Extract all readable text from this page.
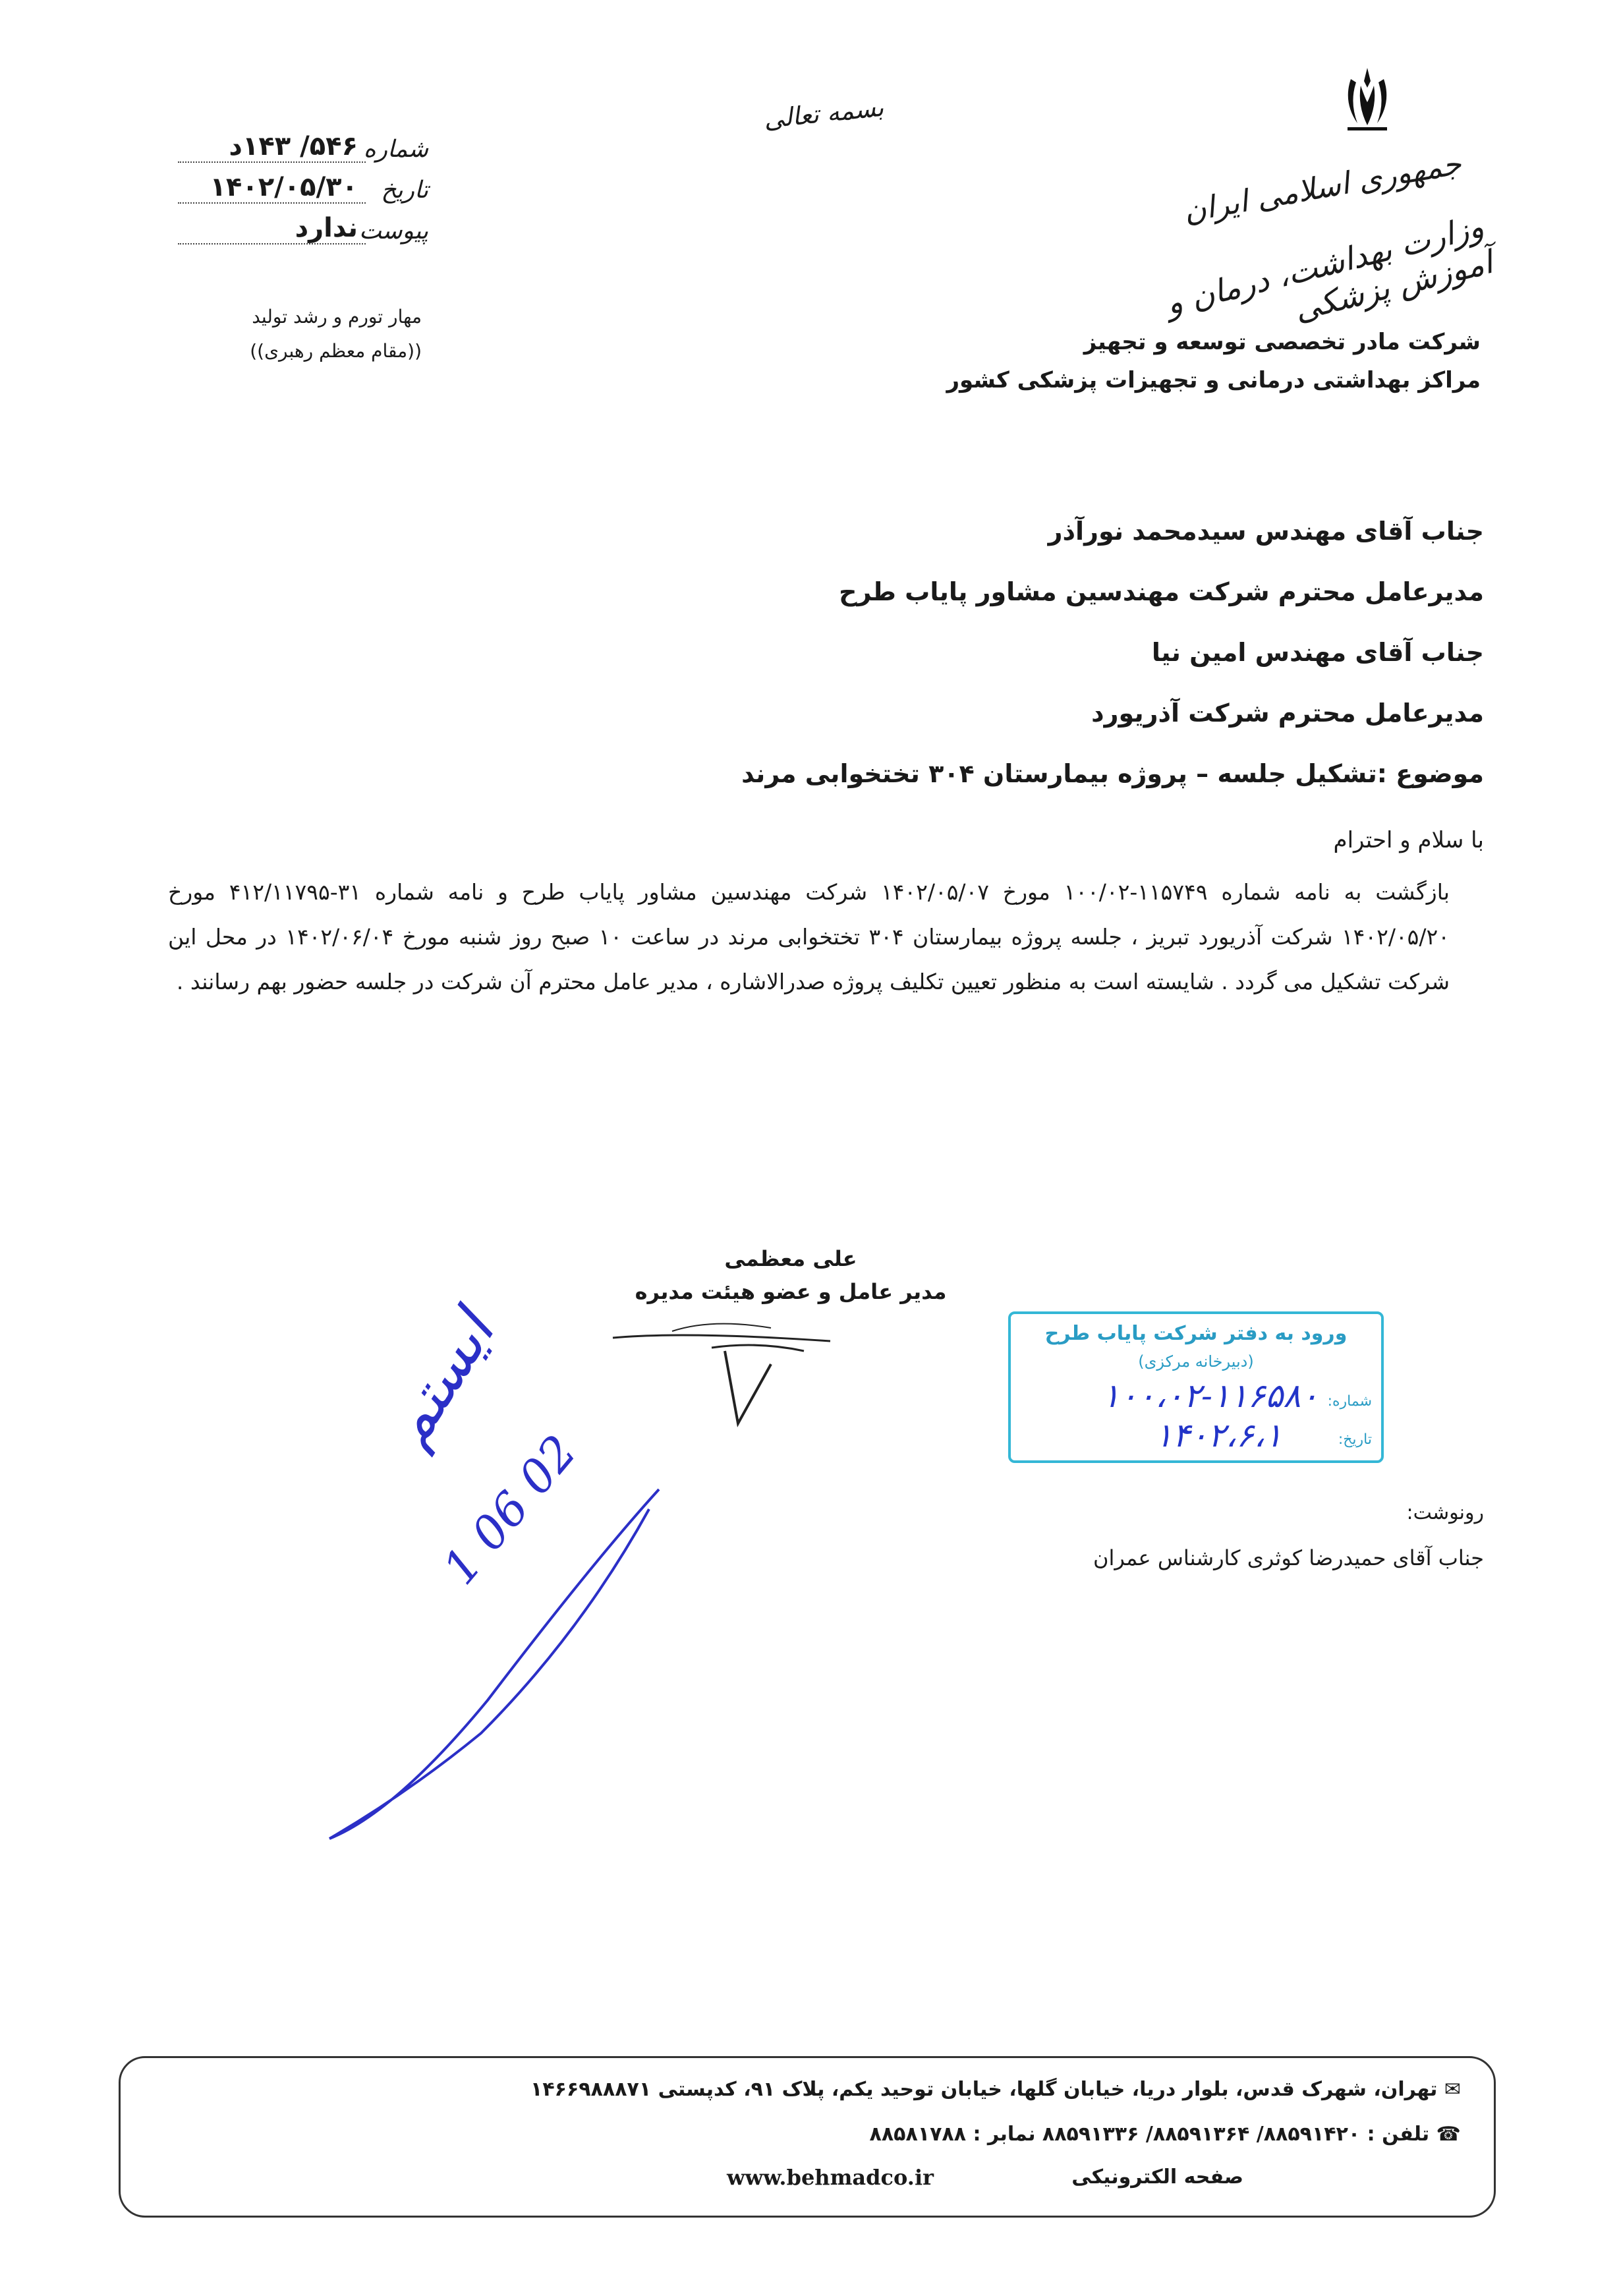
بسمه تعالی
جمهوری اسلامی ایران
وزارت بهداشت، درمان و آموزش پزشکی
شرکت مادر تخصصی توسعه و تجهیز
مراکز بهداشتی درمانی و تجهیزات پزشکی کشور
شماره
۵۴۶/ ۱۴۳د
تاریخ
۱۴۰۲/۰۵/۳۰
پیوست
ندارد
مهار تورم و رشد تولید
((مقام معظم رهبری))
جناب آقای مهندس سیدمحمد نورآذر
مدیرعامل محترم شرکت مهندسین مشاور پایاب طرح
جناب آقای مهندس امین نیا
مدیرعامل محترم شرکت آذریورد
موضوع :تشکیل جلسه – پروژه بیمارستان ۳۰۴ تختخوابی مرند
با سلام و احترام
بازگشت به نامه شماره ۱۱۵۷۴۹-۱۰۰/۰۲ مورخ ۱۴۰۲/۰۵/۰۷ شرکت مهندسین مشاور پایاب طرح و نامه شماره ۳۱-۴۱۲/۱۱۷۹۵ مورخ ۱۴۰۲/۰۵/۲۰ شرکت آذریورد تبریز ، جلسه پروژه بیمارستان ۳۰۴ تختخوابی مرند در ساعت ۱۰ صبح روز شنبه مورخ ۱۴۰۲/۰۶/۰۴ در محل این شرکت تشکیل می گردد . شایسته است به منظور تعیین تکلیف پروژه صدرالاشاره ، مدیر عامل محترم آن شرکت در جلسه حضور بهم رسانند .
علی معظمی
مدیر عامل و عضو هیئت مدیره
ورود به دفتر شرکت پایاب طرح
(دبیرخانه مرکزی)
شماره:
۱۰۰،۰۲-۱۱۶۵۸۰
تاریخ:
۱۴۰۲،۶،۱
ایستم
1 06 02	رونوشت:
جناب آقای حمیدرضا کوثری کارشناس عمران
✉ تهران، شهرک قدس، بلوار دریا، خیابان گلها، خیابان توحید یکم، پلاک ۹۱، کدپستی ۱۴۶۶۹۸۸۸۷۱
☎ تلفن : ۸۸۵۹۱۴۲۰/ ۸۸۵۹۱۳۶۴/ ۸۸۵۹۱۳۳۶ نمابر : ۸۸۵۸۱۷۸۸
صفحه الکترونیکی
www.behmadco.ir
